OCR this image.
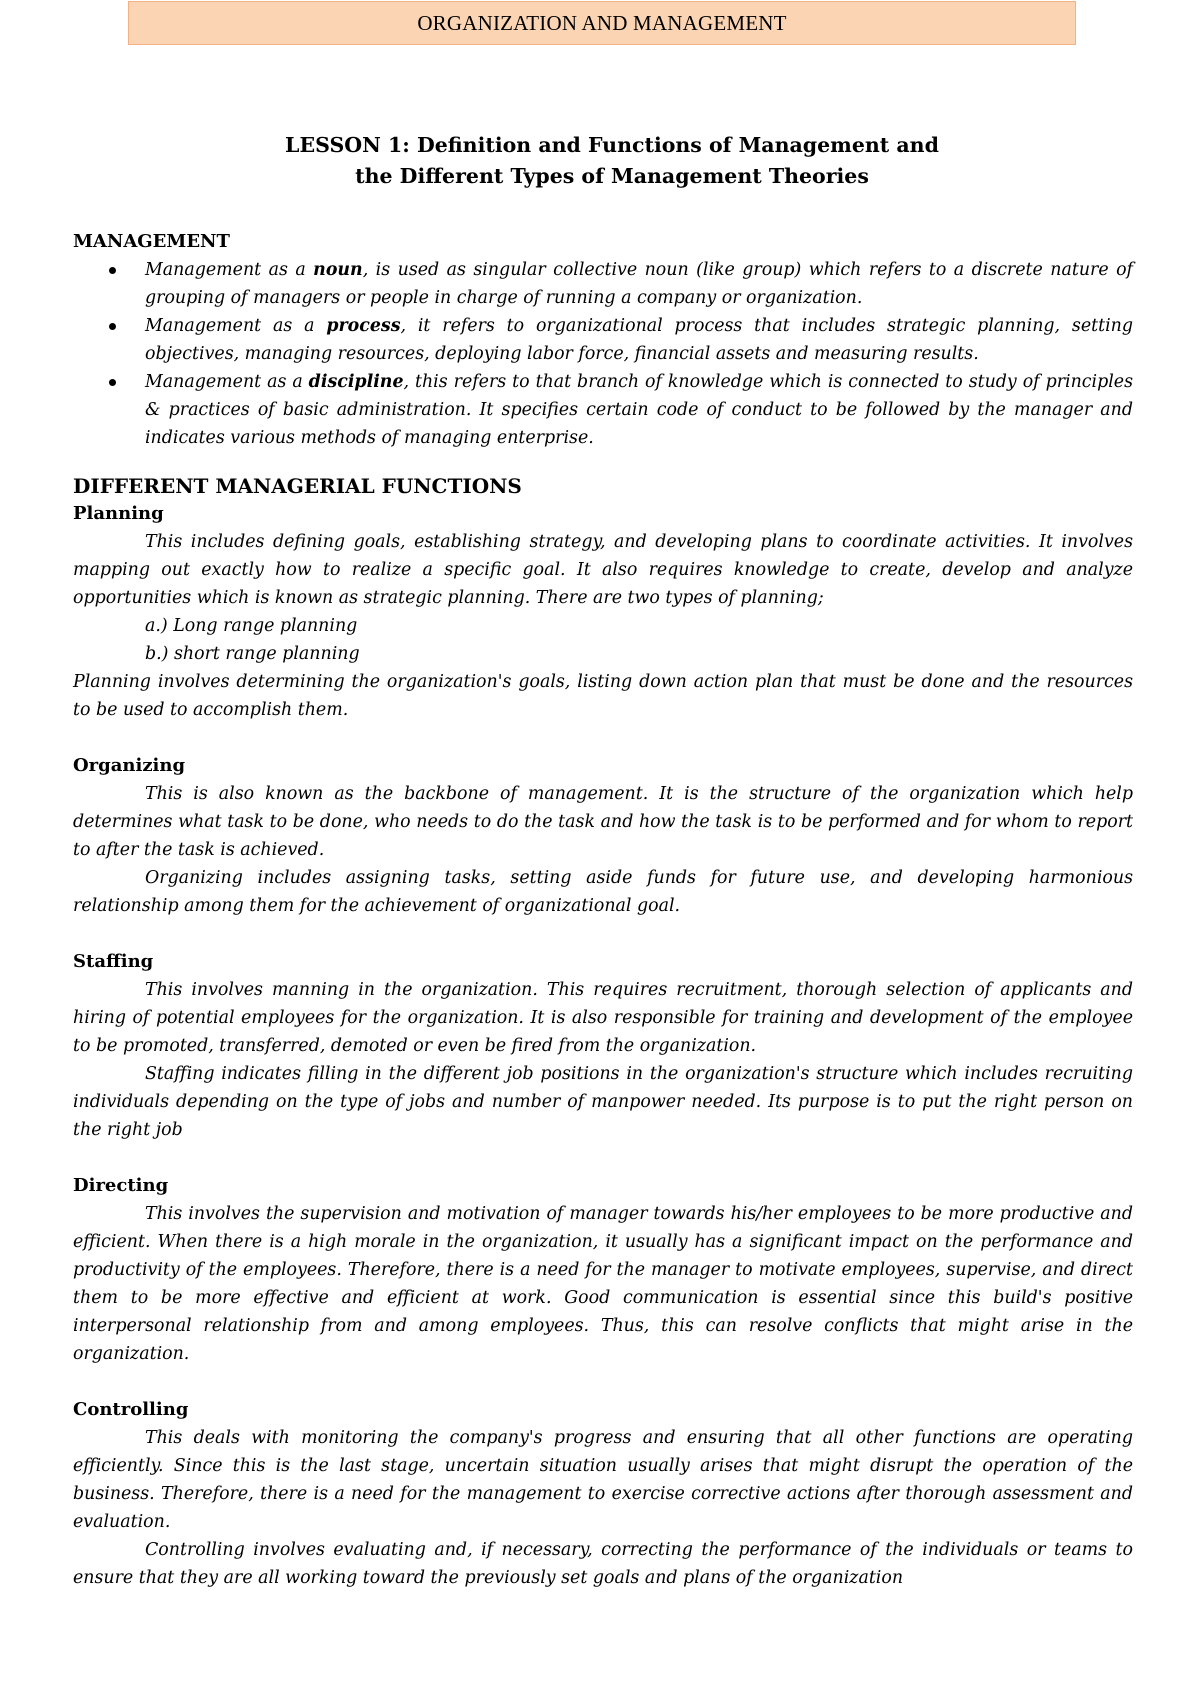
ORGANIZATION AND MANAGEMENT
LESSON 1: Definition and Functions of Management and
the Different Types of Management Theories
MANAGEMENT
Management as a noun, is used as singular collective noun (like group) which refers to a discrete nature of grouping of managers or people in charge of running a company or organization.
Management as a process, it refers to organizational process that includes strategic planning, setting objectives, managing resources, deploying labor force, financial assets and measuring results.
Management as a discipline, this refers to that branch of knowledge which is connected to study of principles & practices of basic administration. It specifies certain code of conduct to be followed by the manager and indicates various methods of managing enterprise.
DIFFERENT MANAGERIAL FUNCTIONS
Planning

This includes defining goals, establishing strategy, and developing plans to coordinate activities. It involves mapping out exactly how to realize a specific goal. It also requires knowledge to create, develop and analyze opportunities which is known as strategic planning. There are two types of planning;

a.) Long range planning

b.) short range planning

Planning involves determining the organization's goals, listing down action plan that must be done and the resources to be used to accomplish them.

Organizing

This is also known as the backbone of management. It is the structure of the organization which help determines what task to be done, who needs to do the task and how the task is to be performed and for whom to report to after the task is achieved.

Organizing includes assigning tasks, setting aside funds for future use, and developing harmonious relationship among them for the achievement of organizational goal.

Staffing

This involves manning in the organization. This requires recruitment, thorough selection of applicants and hiring of potential employees for the organization. It is also responsible for training and development of the employee to be promoted, transferred, demoted or even be fired from the organization.

Staffing indicates filling in the different job positions in the organization's structure which includes recruiting individuals depending on the type of jobs and number of manpower needed. Its purpose is to put the right person on the right job

Directing

This involves the supervision and motivation of manager towards his/her employees to be more productive and efficient. When there is a high morale in the organization, it usually has a significant impact on the performance and productivity of the employees. Therefore, there is a need for the manager to motivate employees, supervise, and direct them to be more effective and efficient at work. Good communication is essential since this build's positive interpersonal relationship from and among employees. Thus, this can resolve conflicts that might arise in the organization.

Controlling

This deals with monitoring the company's progress and ensuring that all other functions are operating efficiently. Since this is the last stage, uncertain situation usually arises that might disrupt the operation of the business. Therefore, there is a need for the management to exercise corrective actions after thorough assessment and evaluation.

Controlling involves evaluating and, if necessary, correcting the performance of the individuals or teams to ensure that they are all working toward the previously set goals and plans of the organization
